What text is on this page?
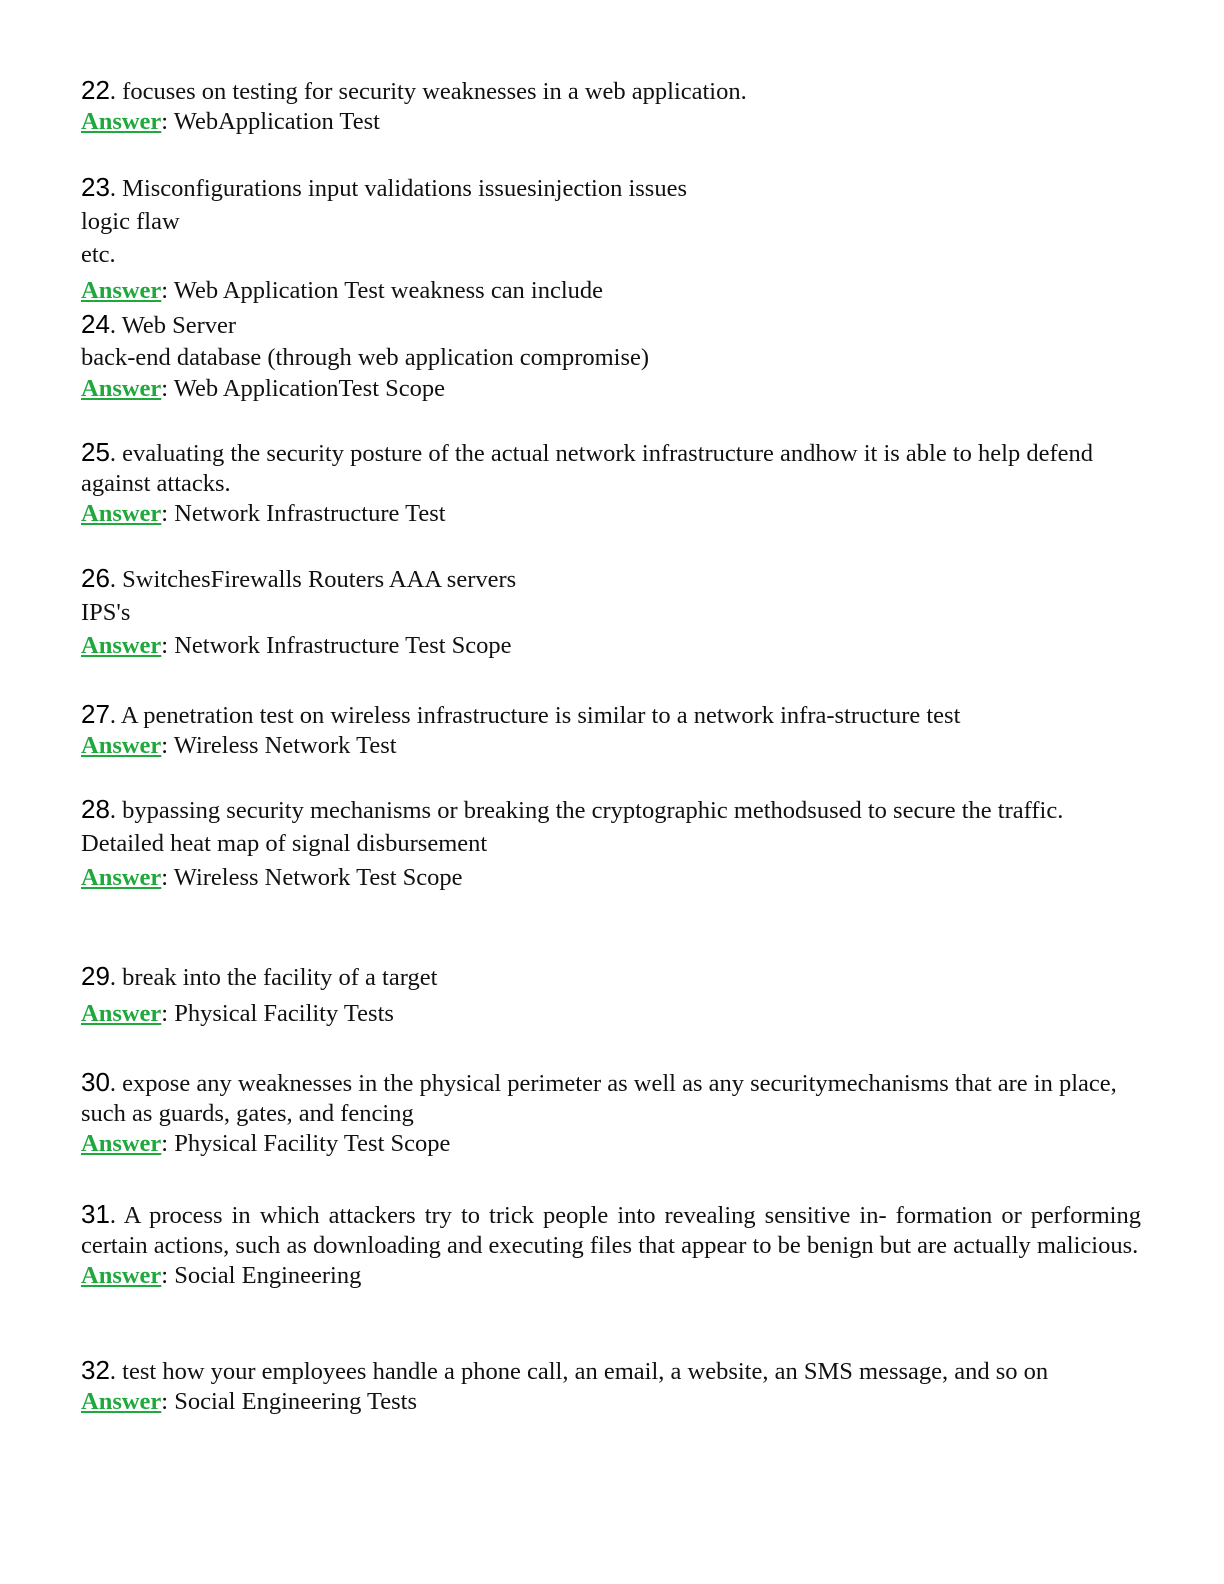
22. focuses on testing for security weaknesses in a web application.
Answer: WebApplication Test
23. Misconfigurations input validations issuesinjection issues
logic flaw
etc.
Answer: Web Application Test weakness can include
24. Web Server
back-end database (through web application compromise)
Answer: Web ApplicationTest Scope
25. evaluating the security posture of the actual network infrastructure andhow it is able to help defend against attacks.
Answer: Network Infrastructure Test
26. SwitchesFirewalls Routers AAA servers
IPS's
Answer: Network Infrastructure Test Scope
27. A penetration test on wireless infrastructure is similar to a network infra-structure test
Answer: Wireless Network Test
28. bypassing security mechanisms or breaking the cryptographic methodsused to secure the traffic.
Detailed heat map of signal disbursement
Answer: Wireless Network Test Scope
29. break into the facility of a target
Answer: Physical Facility Tests
30. expose any weaknesses in the physical perimeter as well as any securitymechanisms that are in place, such as guards, gates, and fencing
Answer: Physical Facility Test Scope
31. A process in which attackers try to trick people into revealing sensitive in- formation or performing certain actions, such as downloading and executing files that appear to be benign but are actually malicious.
Answer: Social Engineering
32. test how your employees handle a phone call, an email, a website, an SMS message, and so on
Answer: Social Engineering Tests
